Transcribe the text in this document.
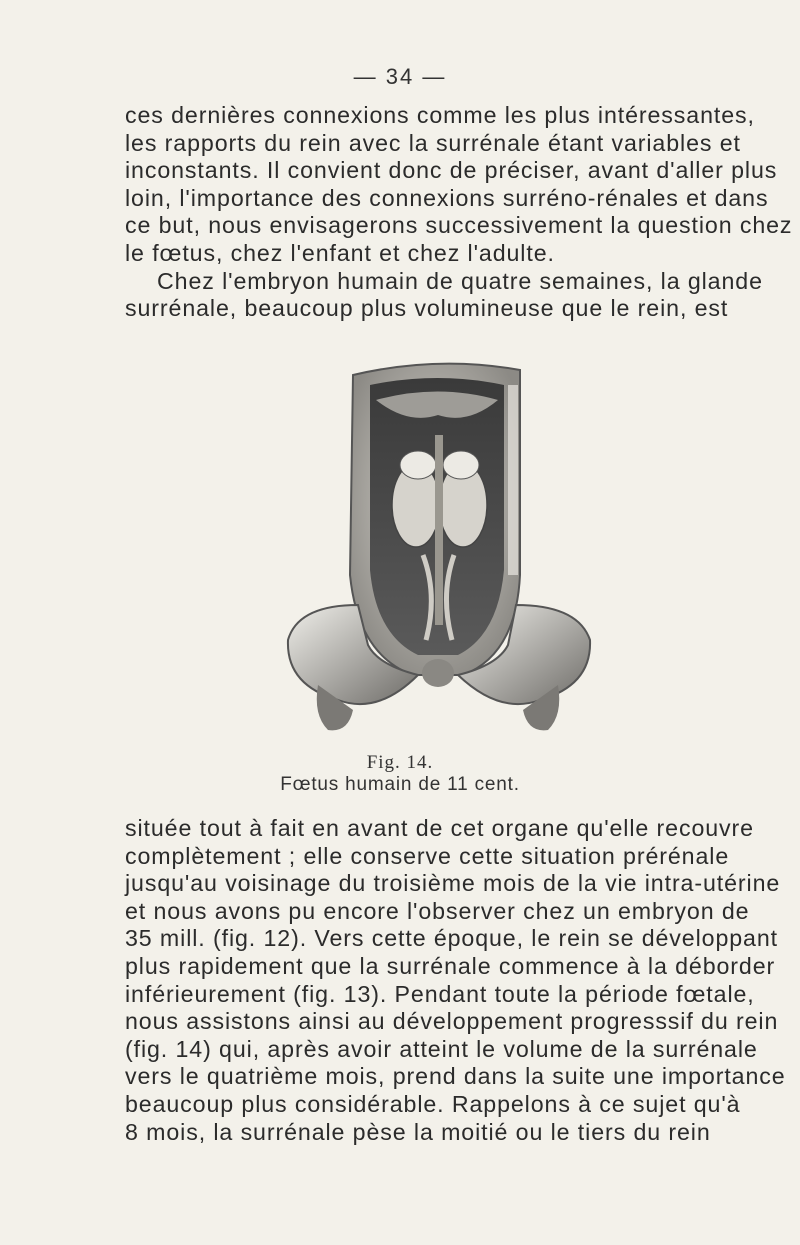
— 34 —
ces dernières connexions comme les plus intéressantes,
les rapports du rein avec la surrénale étant variables et
inconstants. Il convient donc de préciser, avant d'aller plus
loin, l'importance des connexions surréno-rénales et dans
ce but, nous envisagerons successivement la question chez
le fœtus, chez l'enfant et chez l'adulte.
Chez l'embryon humain de quatre semaines, la glande
surrénale, beaucoup plus volumineuse que le rein, est
Fig. 14.
Fœtus humain de 11 cent.
située tout à fait en avant de cet organe qu'elle recouvre
complètement ; elle conserve cette situation prérénale
jusqu'au voisinage du troisième mois de la vie intra-utérine
et nous avons pu encore l'observer chez un embryon de
35 mill. (fig. 12). Vers cette époque, le rein se développant
plus rapidement que la surrénale commence à la déborder
inférieurement (fig. 13). Pendant toute la période fœtale,
nous assistons ainsi au développement progresssif du rein
(fig. 14) qui, après avoir atteint le volume de la surrénale
vers le quatrième mois, prend dans la suite une importance
beaucoup plus considérable. Rappelons à ce sujet qu'à
8 mois, la surrénale pèse la moitié ou le tiers du rein
